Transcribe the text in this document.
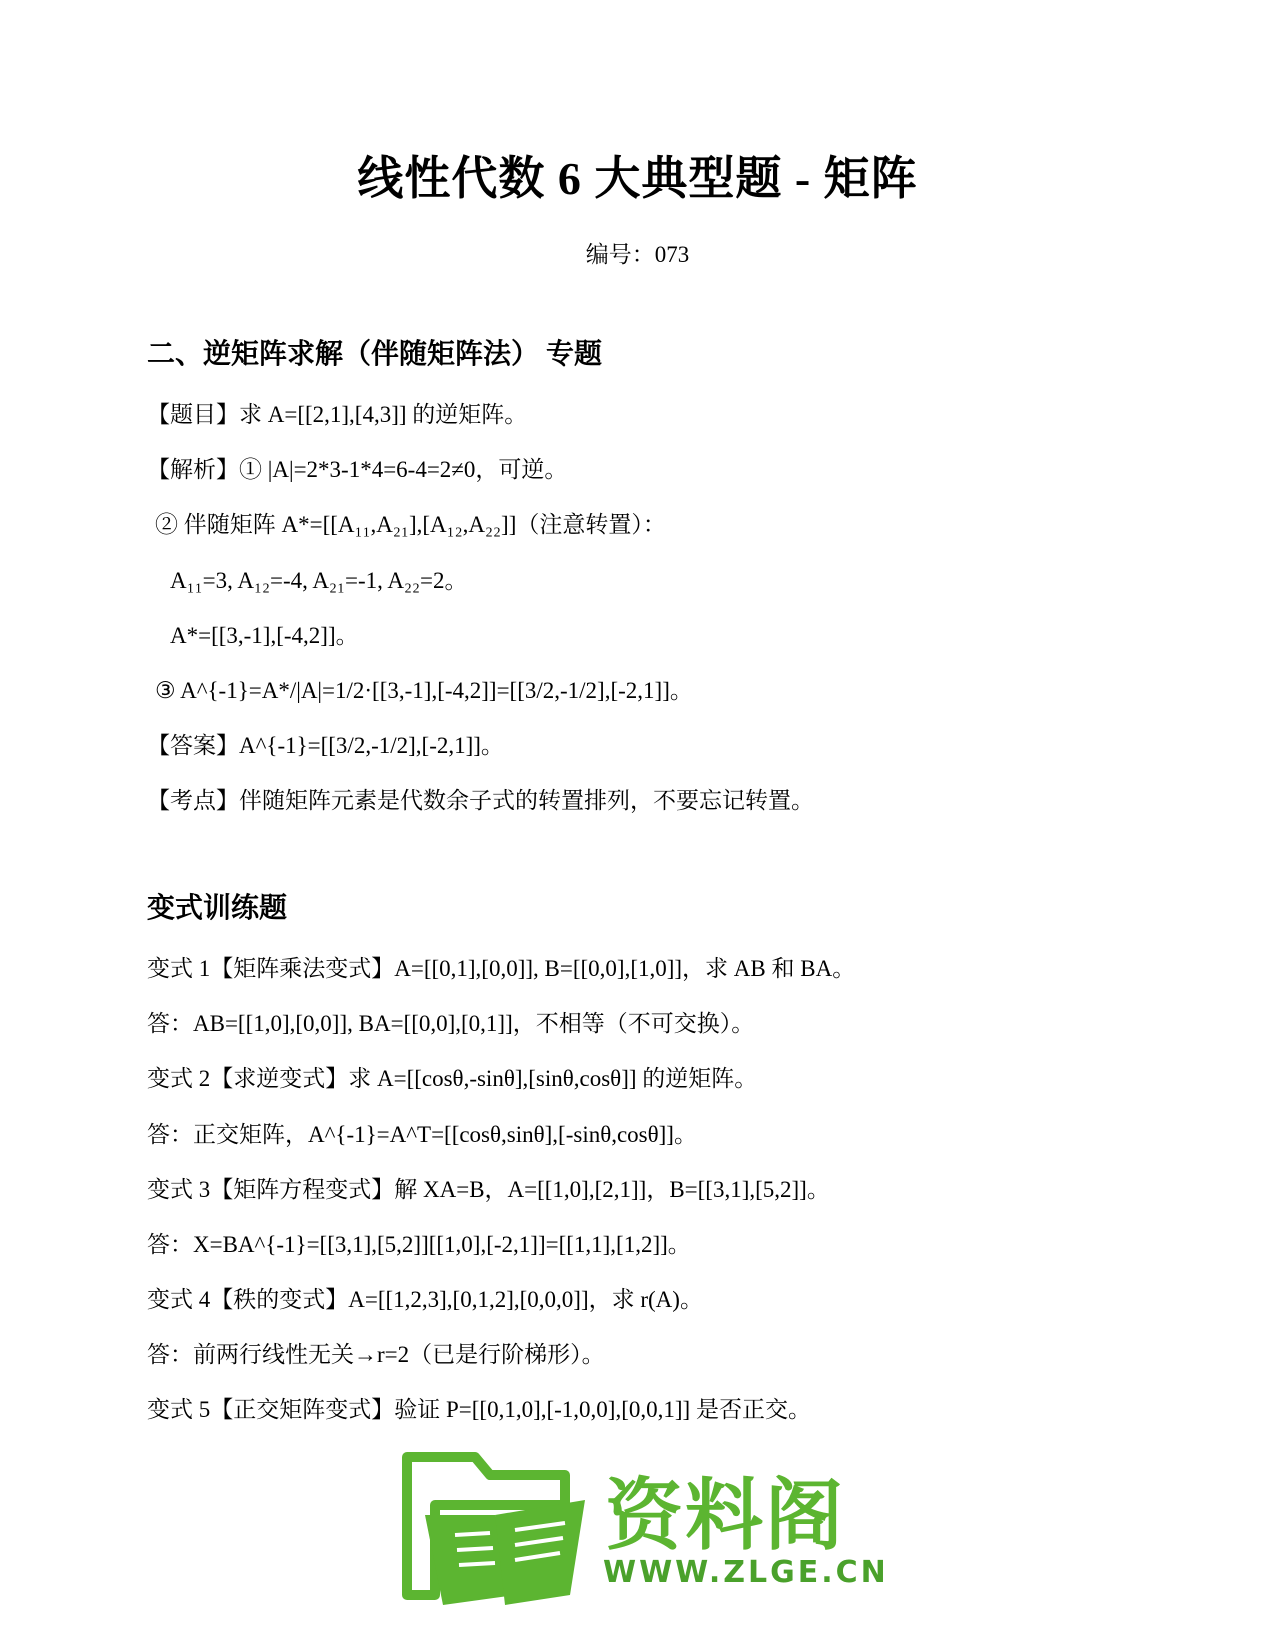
线性代数 6 大典型题 - 矩阵
编号：073
二、逆矩阵求解（伴随矩阵法） 专题
【题目】求 A=[[2,1],[4,3]] 的逆矩阵。
【解析】① |A|=2*3-1*4=6-4=2≠0，可逆。
② 伴随矩阵 A*=[[A₁₁,A₂₁],[A₁₂,A₂₂]]（注意转置）：
A₁₁=3, A₁₂=-4, A₂₁=-1, A₂₂=2。
A*=[[3,-1],[-4,2]]。
③ A^{-1}=A*/|A|=1/2·[[3,-1],[-4,2]]=[[3/2,-1/2],[-2,1]]。
【答案】A^{-1}=[[3/2,-1/2],[-2,1]]。
【考点】伴随矩阵元素是代数余子式的转置排列，不要忘记转置。
变式训练题
变式 1【矩阵乘法变式】A=[[0,1],[0,0]], B=[[0,0],[1,0]]，求 AB 和 BA。
答：AB=[[1,0],[0,0]], BA=[[0,0],[0,1]]，不相等（不可交换）。
变式 2【求逆变式】求 A=[[cosθ,-sinθ],[sinθ,cosθ]] 的逆矩阵。
答：正交矩阵，A^{-1}=A^T=[[cosθ,sinθ],[-sinθ,cosθ]]。
变式 3【矩阵方程变式】解 XA=B，A=[[1,0],[2,1]]，B=[[3,1],[5,2]]。
答：X=BA^{-1}=[[3,1],[5,2]][[1,0],[-2,1]]=[[1,1],[1,2]]。
变式 4【秩的变式】A=[[1,2,3],[0,1,2],[0,0,0]]，求 r(A)。
答：前两行线性无关→r=2（已是行阶梯形）。
变式 5【正交矩阵变式】验证 P=[[0,1,0],[-1,0,0],[0,0,1]] 是否正交。
资料阁
WWW.ZLGE.CN
